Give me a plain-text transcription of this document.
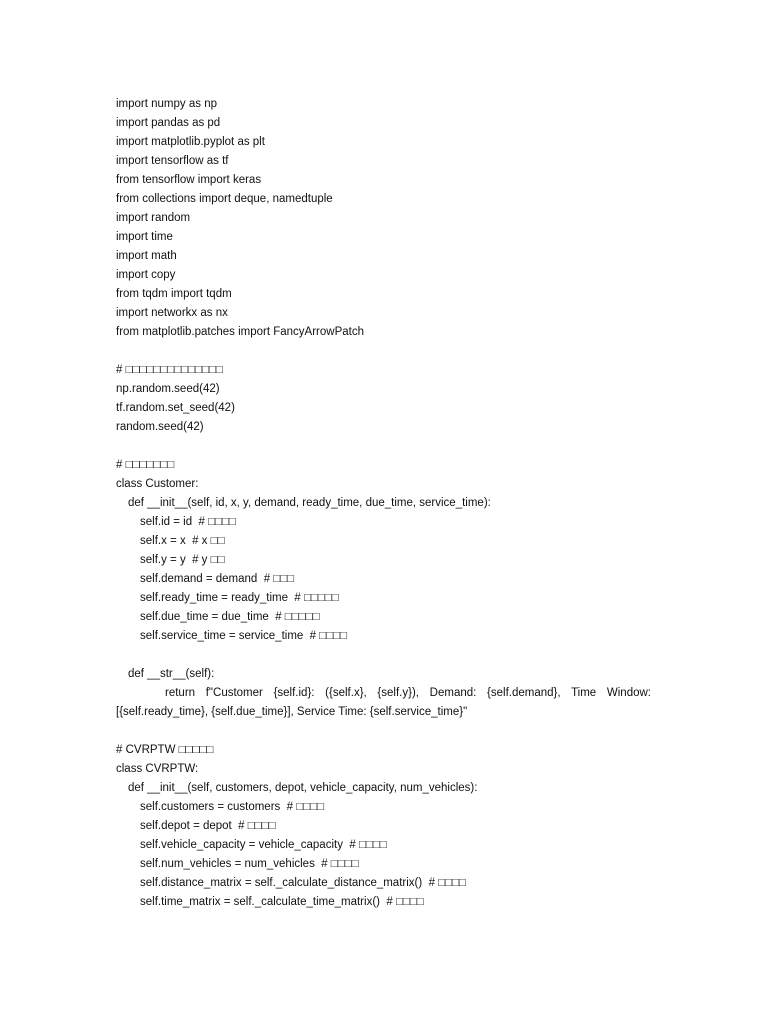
import numpy as np
import pandas as pd
import matplotlib.pyplot as plt
import tensorflow as tf
from tensorflow import keras
from collections import deque, namedtuple
import random
import time
import math
import copy
from tqdm import tqdm
import networkx as nx
from matplotlib.patches import FancyArrowPatch
# □□□□□□□□□□□□□□
np.random.seed(42)
tf.random.set_seed(42)
random.seed(42)
# □□□□□□□
class Customer:
def __init__(self, id, x, y, demand, ready_time, due_time, service_time):
self.id = id  # □□□□
self.x = x  # x □□
self.y = y  # y □□
self.demand = demand  # □□□
self.ready_time = ready_time  # □□□□□
self.due_time = due_time  # □□□□□
self.service_time = service_time  # □□□□
def __str__(self):
return  f"Customer  {self.id}:  ({self.x},  {self.y}),  Demand:  {self.demand},  Time  Window:
[{self.ready_time}, {self.due_time}], Service Time: {self.service_time}"
# CVRPTW □□□□□
class CVRPTW:
def __init__(self, customers, depot, vehicle_capacity, num_vehicles):
self.customers = customers  # □□□□
self.depot = depot  # □□□□
self.vehicle_capacity = vehicle_capacity  # □□□□
self.num_vehicles = num_vehicles  # □□□□
self.distance_matrix = self._calculate_distance_matrix()  # □□□□
self.time_matrix = self._calculate_time_matrix()  # □□□□
